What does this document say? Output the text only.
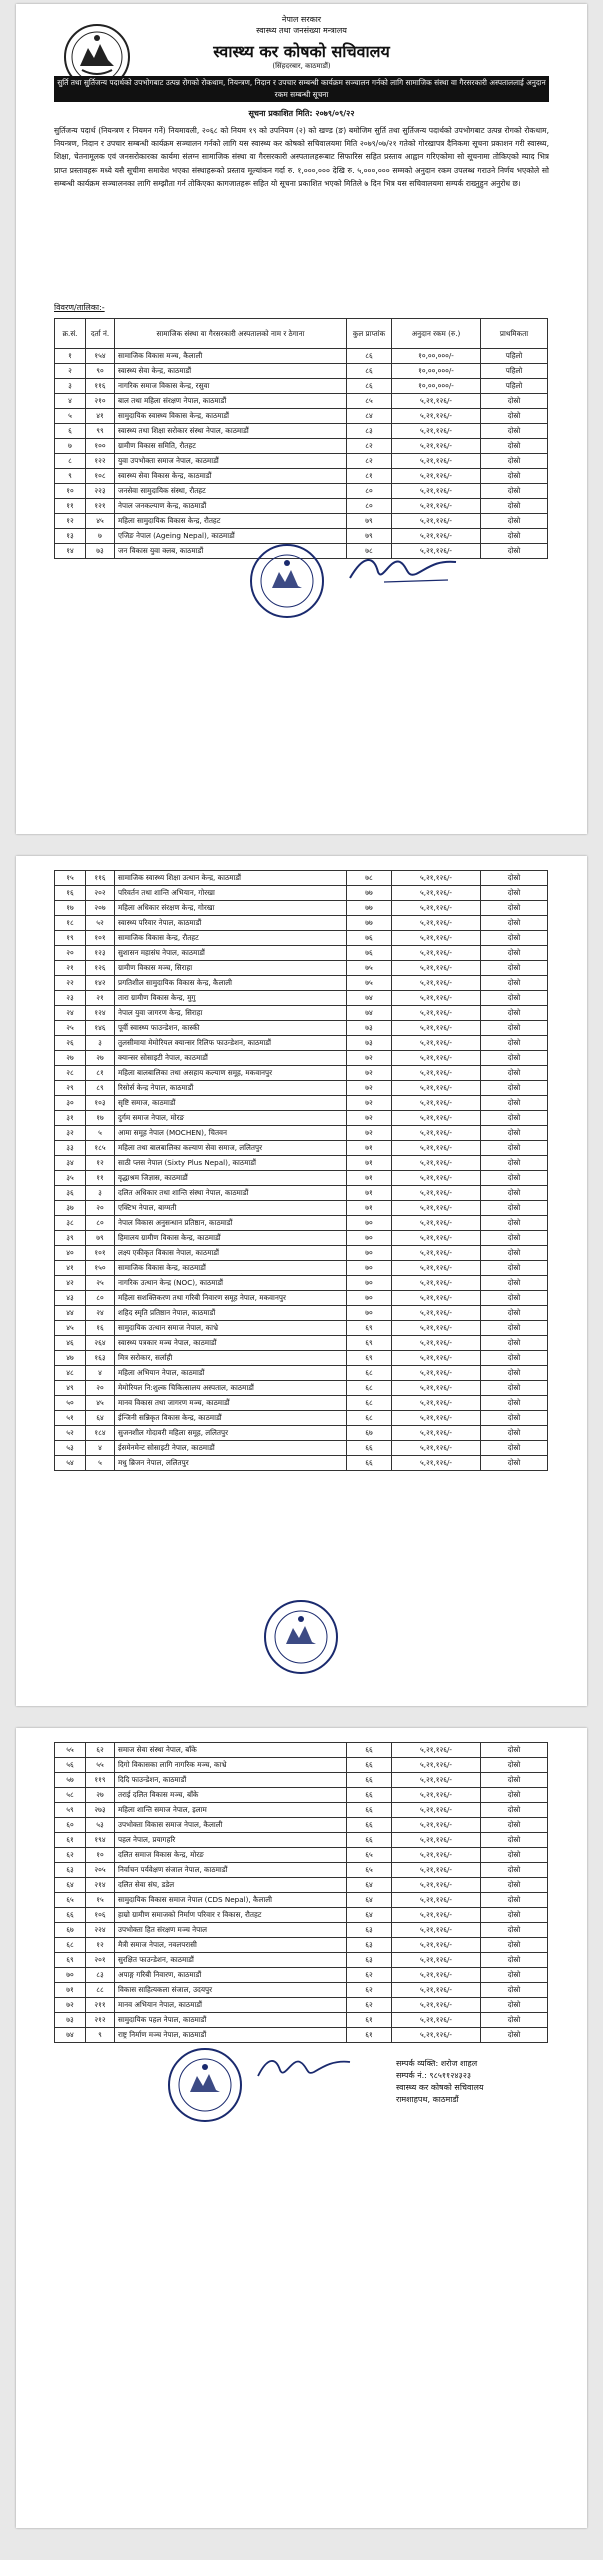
नेपाल सरकार
स्वास्थ्य तथा जनसंख्या मन्त्रालय
स्वास्थ्य कर कोषको सचिवालय
(सिंहदरबार, काठमाडौं)
सुर्ति तथा सुर्तिजन्य पदार्थको उपभोगबाट उत्पन्न रोगको रोकथाम, नियन्त्रण, निदान र उपचार सम्बन्धी कार्यक्रम सञ्चालन गर्नको लागि सामाजिक संस्था वा गैरसरकारी अस्पताललाई अनुदान रकम सम्बन्धी सूचना
सूचना प्रकाशित मिति: २०७९/०९/२२
सुर्तिजन्य पदार्थ (नियन्त्रण र नियमन गर्ने) नियमावली, २०६८ को नियम १९ को उपनियम (२) को खण्ड (ङ) बमोजिम सुर्ति तथा सुर्तिजन्य पदार्थको उपभोगबाट उत्पन्न रोगको रोकथाम, नियन्त्रण, निदान र उपचार सम्बन्धी कार्यक्रम सञ्चालन गर्नको लागि यस स्वास्थ्य कर कोषको सचिवालयमा मिति २०७९/०७/२१ गतेको गोरखापत्र दैनिकमा सूचना प्रकाशन गरी स्वास्थ्य, शिक्षा, चेतनामूलक एवं जनसरोकारका कार्यमा संलग्न सामाजिक संस्था वा गैरसरकारी अस्पतालहरूबाट सिफारिस सहित प्रस्ताव आह्वान गरिएकोमा सो सूचनामा तोकिएको म्याद भित्र प्राप्त प्रस्तावहरू मध्ये यसै सूचीमा समावेश भएका संस्थाहरूको प्रस्ताव मूल्यांकन गर्दा रु. १,०००,००० देखि रु. ५,०००,००० सम्मको अनुदान रकम उपलब्ध गराउने निर्णय भएकोले सो सम्बन्धी कार्यक्रम सञ्चालनका लागि सम्झौता गर्न तोकिएका कागजातहरू सहित यो सूचना प्रकाशित भएको मितिले ७ दिन भित्र यस सचिवालयमा सम्पर्क राख्नुहुन अनुरोध छ।
विवरण/तालिका:-
क्र.सं.	दर्ता नं.	सामाजिक संस्था वा गैरसरकारी अस्पतालको नाम र ठेगाना	कुल प्राप्तांक	अनुदान रकम (रु.)	प्राथमिकता
१	१५४	सामाजिक विकास मञ्च, कैलाली	८६	१०,००,०००/-	पहिलो
२	९०	स्वास्थ्य सेवा केन्द्र, काठमाडौं	८६	१०,००,०००/-	पहिलो
३	११६	नागरिक समाज विकास केन्द्र, रसुवा	८६	१०,००,०००/-	पहिलो
४	२१०	बाल तथा महिला संरक्षण नेपाल, काठमाडौं	८५	५,२१,१२६/-	दोस्रो
५	४१	सामुदायिक स्वास्थ्य विकास केन्द्र, काठमाडौं	८४	५,२१,१२६/-	दोस्रो
६	९९	स्वास्थ्य तथा शिक्षा सरोकार संस्था नेपाल, काठमाडौं	८३	५,२१,१२६/-	दोस्रो
७	१००	ग्रामीण विकास समिति, रौतहट	८२	५,२१,१२६/-	दोस्रो
८	१२२	युवा उपभोक्ता समाज नेपाल, काठमाडौं	८२	५,२१,१२६/-	दोस्रो
९	१०८	स्वास्थ्य सेवा विकास केन्द्र, काठमाडौं	८१	५,२१,१२६/-	दोस्रो
१०	२२३	जनसेवा सामुदायिक संस्था, रौतहट	८०	५,२१,१२६/-	दोस्रो
११	१२१	नेपाल जनकल्याण केन्द्र, काठमाडौं	८०	५,२१,१२६/-	दोस्रो
१२	४५	महिला सामुदायिक विकास केन्द्र, रौतहट	७९	५,२१,१२६/-	दोस्रो
१३	७	एजिङ नेपाल (Ageing Nepal), काठमाडौं	७९	५,२१,१२६/-	दोस्रो
१४	७३	जन विकास युवा क्लब, काठमाडौं	७८	५,२१,१२६/-	दोस्रो
१५	११६	सामाजिक स्वास्थ्य शिक्षा उत्थान केन्द्र, काठमाडौं	७८	५,२१,१२६/-	दोस्रो
१६	२०२	परिवर्तन तथा शान्ति अभियान, गोरखा	७७	५,२१,१२६/-	दोस्रो
१७	२०७	महिला अधिकार संरक्षण केन्द्र, गोरखा	७७	५,२१,१२६/-	दोस्रो
१८	५२	स्वास्थ्य परिवार नेपाल, काठमाडौं	७७	५,२१,१२६/-	दोस्रो
१९	१०१	सामाजिक विकास केन्द्र, रौतहट	७६	५,२१,१२६/-	दोस्रो
२०	१२३	सुशासन महासंघ नेपाल, काठमाडौं	७६	५,२१,१२६/-	दोस्रो
२१	१२६	ग्रामीण विकास मञ्च, सिराहा	७५	५,२१,१२६/-	दोस्रो
२२	१४२	प्रगतिशील सामुदायिक विकास केन्द्र, कैलाली	७५	५,२१,१२६/-	दोस्रो
२३	२१	तारा ग्रामीण विकास केन्द्र, मुगु	७४	५,२१,१२६/-	दोस्रो
२४	१२४	नेपाल युवा जागरण केन्द्र, सिराहा	७४	५,२१,१२६/-	दोस्रो
२५	१४६	पूर्वी स्वास्थ्य फाउन्डेशन, कास्की	७३	५,२१,१२६/-	दोस्रो
२६	३	तुलसीमाया मेमोरियल क्यान्सर रिलिफ फाउन्डेशन, काठमाडौं	७३	५,२१,१२६/-	दोस्रो
२७	२७	क्यान्सर सोसाइटी नेपाल, काठमाडौं	७२	५,२१,१२६/-	दोस्रो
२८	८१	महिला बालबालिका तथा असहाय कल्याण समूह, मकवानपुर	७२	५,२१,१२६/-	दोस्रो
२९	८९	रिसोर्स केन्द्र नेपाल, काठमाडौं	७२	५,२१,१२६/-	दोस्रो
३०	१०३	सृष्टि समाज, काठमाडौं	७२	५,२१,१२६/-	दोस्रो
३१	१७	दुर्गम समाज नेपाल, मोरङ	७२	५,२१,१२६/-	दोस्रो
३२	५	आमा समूह नेपाल (MOCHEN), चितवन	७२	५,२१,१२६/-	दोस्रो
३३	१८५	महिला तथा बालबालिका कल्याण सेवा समाज, ललितपुर	७१	५,२१,१२६/-	दोस्रो
३४	१२	साठी प्लस नेपाल (Sixty Plus Nepal), काठमाडौं	७१	५,२१,१२६/-	दोस्रो
३५	११	वृद्धाश्रम जिज्ञास, काठमाडौं	७१	५,२१,१२६/-	दोस्रो
३६	३	दलित अधिकार तथा शान्ति संस्था नेपाल, काठमाडौं	७१	५,२१,१२६/-	दोस्रो
३७	२०	एक्टिभ नेपाल, बाग्मती	७१	५,२१,१२६/-	दोस्रो
३८	८०	नेपाल विकास अनुसन्धान प्रतिष्ठान, काठमाडौं	७०	५,२१,१२६/-	दोस्रो
३९	७९	हिमालय ग्रामीण विकास केन्द्र, काठमाडौं	७०	५,२१,१२६/-	दोस्रो
४०	१०१	लक्ष्य एकीकृत विकास नेपाल, काठमाडौं	७०	५,२१,१२६/-	दोस्रो
४१	१५०	सामाजिक विकास केन्द्र, काठमाडौं	७०	५,२१,१२६/-	दोस्रो
४२	२५	नागरिक उत्थान केन्द्र (NOC), काठमाडौं	७०	५,२१,१२६/-	दोस्रो
४३	८०	महिला सशक्तिकरण तथा गरिबी निवारण समूह नेपाल, मकवानपुर	७०	५,२१,१२६/-	दोस्रो
४४	२४	शहिद स्मृति प्रतिष्ठान नेपाल, काठमाडौं	७०	५,२१,१२६/-	दोस्रो
४५	१६	सामुदायिक उत्थान समाज नेपाल, काभ्रे	६९	५,२१,१२६/-	दोस्रो
४६	२६४	स्वास्थ्य पत्रकार मञ्च नेपाल, काठमाडौं	६९	५,२१,१२६/-	दोस्रो
४७	१६३	मित्र सरोकार, सर्लाही	६९	५,२१,१२६/-	दोस्रो
४८	४	महिला अभियान नेपाल, काठमाडौं	६८	५,२१,१२६/-	दोस्रो
४९	२०	मेमोरियल नि:शुल्क चिकित्सालय अस्पताल, काठमाडौं	६८	५,२१,१२६/-	दोस्रो
५०	४५	मानव विकास तथा जागरण मञ्च, काठमाडौं	६८	५,२१,१२६/-	दोस्रो
५१	६४	ईन्जिनी सन्निकृत विकास केन्द्र, काठमाडौं	६८	५,२१,१२६/-	दोस्रो
५२	१८४	सुजनशील गोदावरी महिला समूह, ललितपुर	६७	५,२१,१२६/-	दोस्रो
५३	४	ईसमेनमेन्ट सोसाइटी नेपाल, काठमाडौं	६६	५,२१,१२६/-	दोस्रो
५४	५	मधु ब्रिजन नेपाल, ललितपुर	६६	५,२१,१२६/-	दोस्रो
५५	६२	समाज सेवा संस्था नेपाल, बाँके	६६	५,२१,१२६/-	दोस्रो
५६	५५	दिगो विकासका लागि नागरिक मञ्च, काभ्रे	६६	५,२१,१२६/-	दोस्रो
५७	११९	दिदि फाउन्डेशन, काठमाडौं	६६	५,२१,१२६/-	दोस्रो
५८	२७	तराई दलित विकास मञ्च, बाँके	६६	५,२१,१२६/-	दोस्रो
५९	२७३	महिला शान्ति समाज नेपाल, इलाम	६६	५,२१,१२६/-	दोस्रो
६०	५३	उपभोक्ता विकास समाज नेपाल, कैलाली	६६	५,२१,१२६/-	दोस्रो
६१	१९४	पहल नेपाल, प्रयागहरि	६६	५,२१,१२६/-	दोस्रो
६२	१०	दलित समाज विकास केन्द्र, मोरङ	६५	५,२१,१२६/-	दोस्रो
६३	२०५	निर्वाचन पर्यवेक्षण संजाल नेपाल, काठमाडौं	६५	५,२१,१२६/-	दोस्रो
६४	२१४	दलित सेवा संघ, डडेल	६४	५,२१,१२६/-	दोस्रो
६५	१५	सामुदायिक विकास समाज नेपाल (CDS Nepal), कैलाली	६४	५,२१,१२६/-	दोस्रो
६६	१०६	हाम्रो ग्रामीण समाजको निर्माण परिवार र विकास, रौतहट	६४	५,२१,१२६/-	दोस्रो
६७	२२४	उपभोक्ता हित संरक्षण मञ्च नेपाल	६३	५,२१,१२६/-	दोस्रो
६८	१२	मैत्री समाज नेपाल, नवलपरासी	६३	५,२१,१२६/-	दोस्रो
६९	२०१	सुरक्षित फाउन्डेशन, काठमाडौं	६३	५,२१,१२६/-	दोस्रो
७०	८३	अपाङ्ग गरिबी निवारण, काठमाडौं	६२	५,२१,१२६/-	दोस्रो
७१	८८	विकास साहित्यकला संजाल, उदयपुर	६२	५,२१,१२६/-	दोस्रो
७२	२११	मानव अभियान नेपाल, काठमाडौं	६२	५,२१,१२६/-	दोस्रो
७३	२१२	सामुदायिक पहल नेपाल, काठमाडौं	६१	५,२१,१२६/-	दोस्रो
७४	९	राष्ट्र निर्माण मञ्च नेपाल, काठमाडौं	६१	५,२१,१२६/-	दोस्रो
सम्पर्क व्यक्ति: शरोज शाहल
सम्पर्क नं.: ९८५११२४३२३
स्वास्थ्य कर कोषको सचिवालय
रामशाहपथ, काठमाडौं
